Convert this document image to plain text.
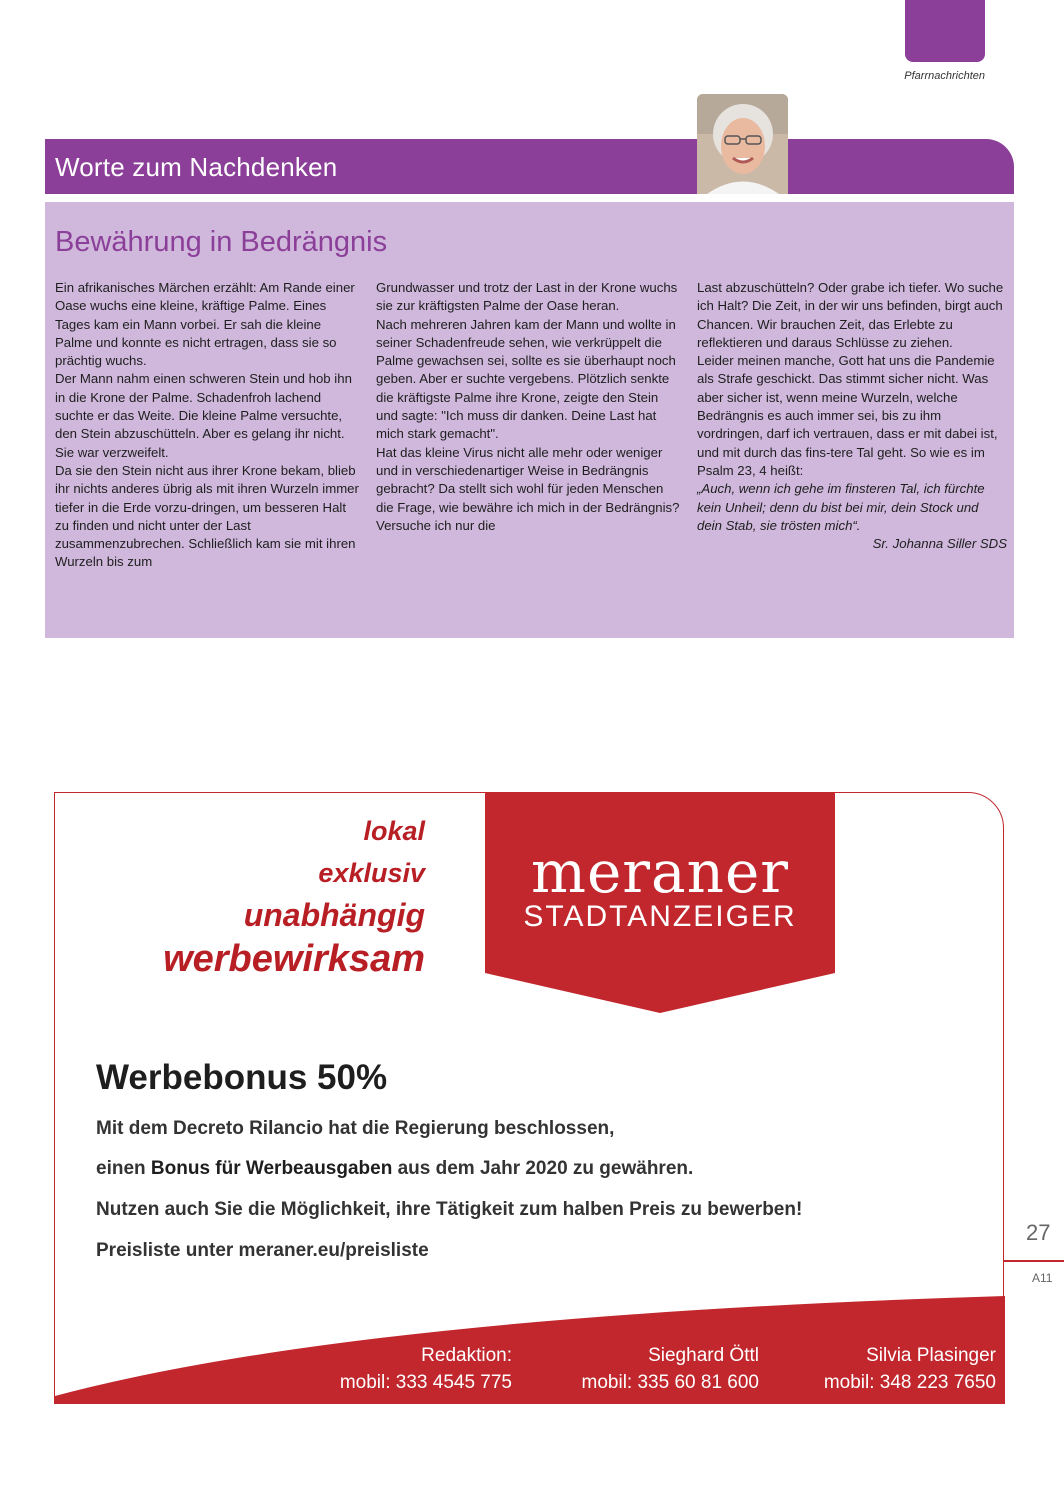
Pfarrnachrichten
Worte zum Nachdenken
Bewährung in Bedrängnis

Ein afrikanisches Märchen erzählt: Am Rande einer Oase wuchs eine kleine, kräftige Palme. Eines Tages kam ein Mann vorbei. Er sah die kleine Palme und konnte es nicht ertragen, dass sie so prächtig wuchs.

Der Mann nahm einen schweren Stein und hob ihn in die Krone der Palme. Schadenfroh lachend suchte er das Weite. Die kleine Palme versuchte, den Stein abzuschütteln. Aber es gelang ihr nicht. Sie war verzweifelt.

Da sie den Stein nicht aus ihrer Krone bekam, blieb ihr nichts anderes übrig als mit ihren Wurzeln immer tiefer in die Erde vorzu-dringen, um besseren Halt zu finden und nicht unter der Last zusammenzubrechen. Schließlich kam sie mit ihren Wurzeln bis zum

Grundwasser und trotz der Last in der Krone wuchs sie zur kräftigsten Palme der Oase heran.

Nach mehreren Jahren kam der Mann und wollte in seiner Schadenfreude sehen, wie verkrüppelt die Palme gewachsen sei, sollte es sie überhaupt noch geben. Aber er suchte vergebens. Plötzlich senkte die kräftigste Palme ihre Krone, zeigte den Stein und sagte: "Ich muss dir danken. Deine Last hat mich stark gemacht".

Hat das kleine Virus nicht alle mehr oder weniger und in verschiedenartiger Weise in Bedrängnis gebracht? Da stellt sich wohl für jeden Menschen die Frage, wie bewähre ich mich in der Bedrängnis? Versuche ich nur die

Last abzuschütteln? Oder grabe ich tiefer. Wo suche ich Halt? Die Zeit, in der wir uns befinden, birgt auch Chancen. Wir brauchen Zeit, das Erlebte zu reflektieren und daraus Schlüsse zu ziehen.

Leider meinen manche, Gott hat uns die Pandemie als Strafe geschickt. Das stimmt sicher nicht. Was aber sicher ist, wenn meine Wurzeln, welche Bedrängnis es auch immer sei, bis zu ihm vordringen, darf ich vertrauen, dass er mit dabei ist, und mit durch das fins-tere Tal geht. So wie es im Psalm 23, 4 heißt:

„Auch, wenn ich gehe im finsteren Tal, ich fürchte kein Unheil; denn du bist bei mir, dein Stock und dein Stab, sie trösten mich“.

Sr. Johanna Siller SDS

meraner
STADTANZEIGER
lokal
exklusiv
unabhängig
werbewirksam
Werbebonus 50%
Mit dem Decreto Rilancio hat die Regierung beschlossen,
einen Bonus für Werbeausgaben aus dem Jahr 2020 zu gewähren.
Nutzen auch Sie die Möglichkeit, ihre Tätigkeit zum halben Preis zu bewerben!
Preisliste unter meraner.eu/preisliste
Redaktion:
mobil: 333 4545 775
Sieghard Öttl
mobil: 335 60 81 600
Silvia Plasinger
mobil: 348 223 7650
27
A11
